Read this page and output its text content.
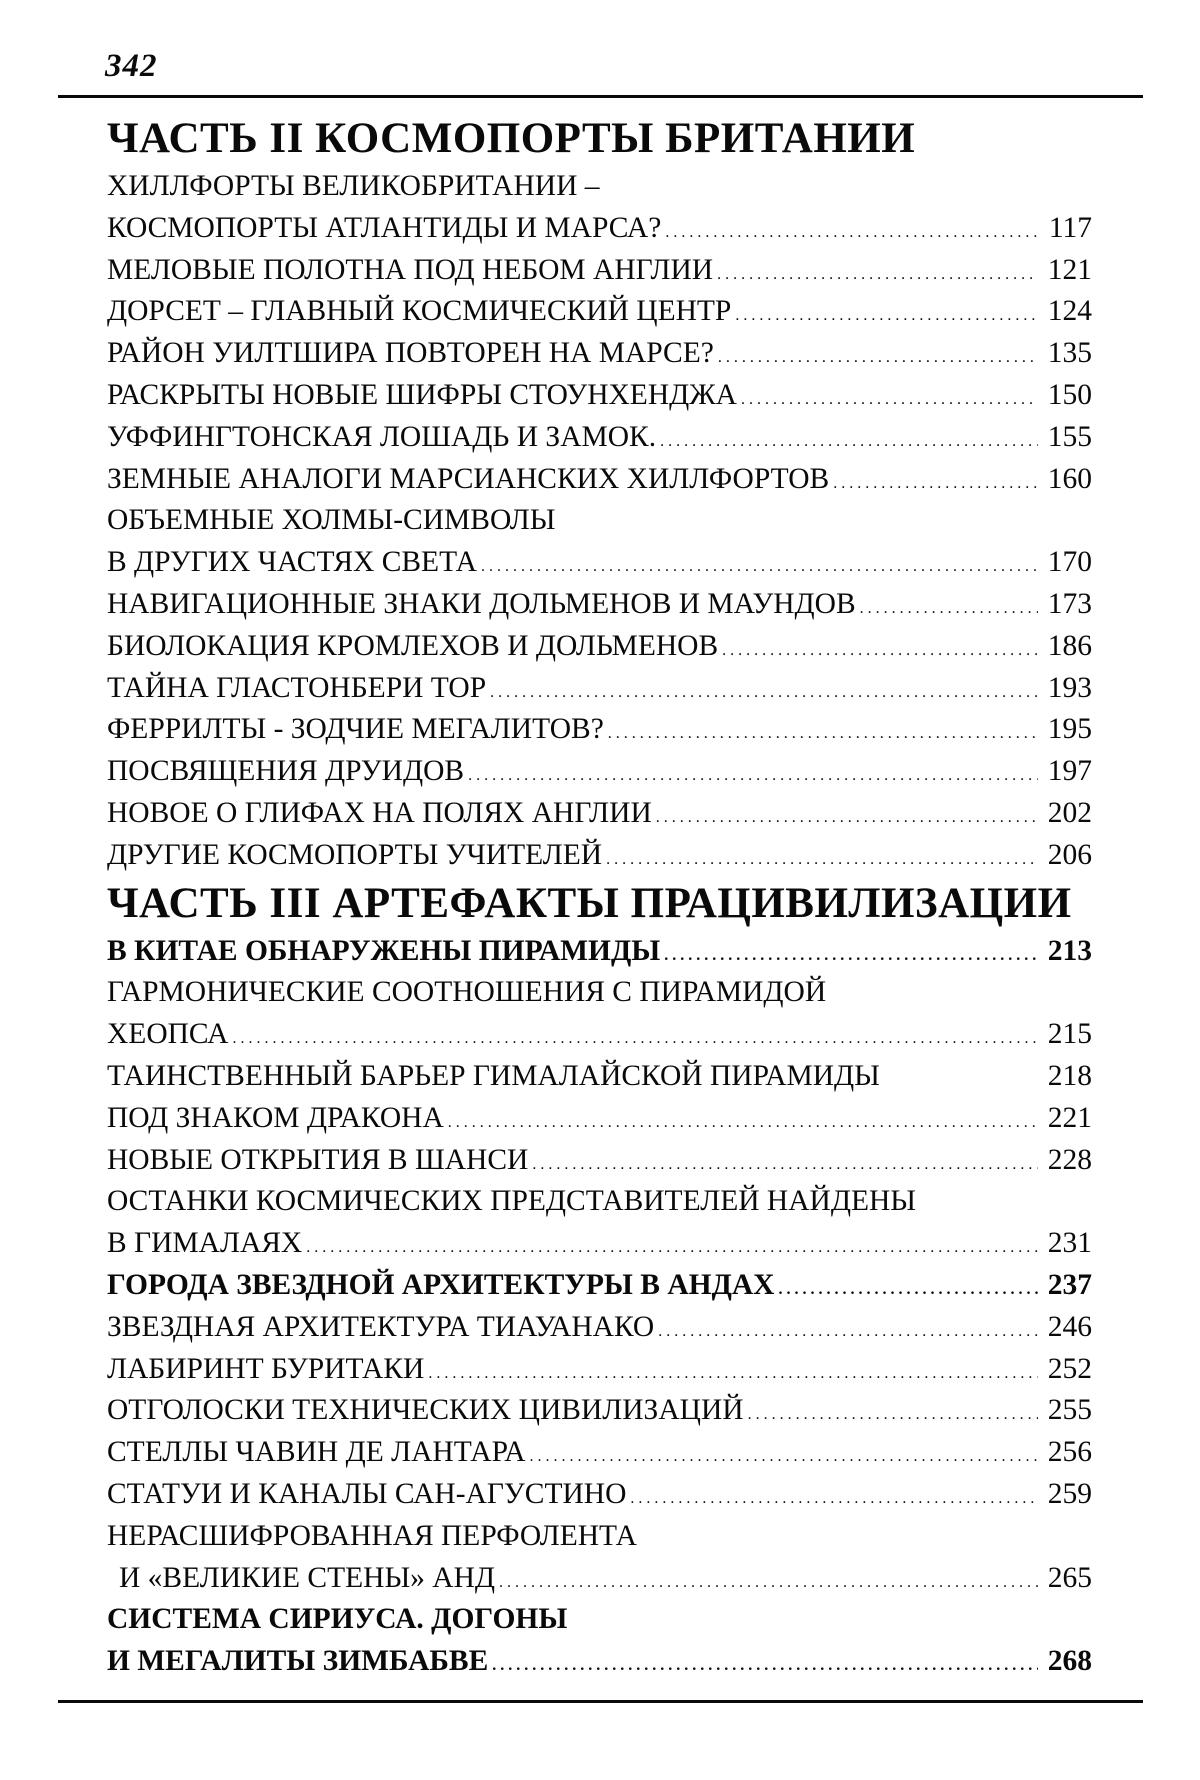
342
ЧАСТЬ II КОСМОПОРТЫ БРИТАНИИ
ХИЛЛФОРТЫ ВЕЛИКОБРИТАНИИ –
КОСМОПОРТЫ АТЛАНТИДЫ И МАРСА? . . .	117
МЕЛОВЫЕ ПОЛОТНА ПОД НЕБОМ АНГЛИИ . . .	121
ДОРСЕТ – ГЛАВНЫЙ КОСМИЧЕСКИЙ ЦЕНТР . . .	124
РАЙОН УИЛТШИРА ПОВТОРЕН НА МАРСЕ? . . .	135
РАСКРЫТЫ НОВЫЕ ШИФРЫ СТОУНХЕНДЖА . . .	150
УФФИНГТОНСКАЯ ЛОШАДЬ И ЗАМОК. . . .	155
ЗЕМНЫЕ АНАЛОГИ МАРСИАНСКИХ ХИЛЛФОРТОВ . . .	160
ОБЪЕМНЫЕ ХОЛМЫ-СИМВОЛЫ
В ДРУГИХ ЧАСТЯХ СВЕТА . . .	170
НАВИГАЦИОННЫЕ ЗНАКИ ДОЛЬМЕНОВ И МАУНДОВ . . .	173
БИОЛОКАЦИЯ КРОМЛЕХОВ И ДОЛЬМЕНОВ . . .	186
ТАЙНА ГЛАСТОНБЕРИ ТОР . . .	193
ФЕРРИЛТЫ - ЗОДЧИЕ МЕГАЛИТОВ? . . .	195
ПОСВЯЩЕНИЯ ДРУИДОВ . . .	197
НОВОЕ О ГЛИФАХ НА ПОЛЯХ АНГЛИИ . . .	202
ДРУГИЕ КОСМОПОРТЫ УЧИТЕЛЕЙ . . .	206
ЧАСТЬ III АРТЕФАКТЫ ПРАЦИВИЛИЗАЦИИ
В КИТАЕ ОБНАРУЖЕНЫ ПИРАМИДЫ . . .	213
ГАРМОНИЧЕСКИЕ СООТНОШЕНИЯ С ПИРАМИДОЙ
ХЕОПСА . . .	215
ТАИНСТВЕННЫЙ БАРЬЕР ГИМАЛАЙСКОЙ ПИРАМИДЫ	218
ПОД ЗНАКОМ ДРАКОНА . . .	221
НОВЫЕ ОТКРЫТИЯ В ШАНСИ . . .	228
ОСТАНКИ КОСМИЧЕСКИХ ПРЕДСТАВИТЕЛЕЙ НАЙДЕНЫ
В ГИМАЛАЯХ . . .	231
ГОРОДА ЗВЕЗДНОЙ АРХИТЕКТУРЫ В АНДАХ . . .	237
ЗВЕЗДНАЯ АРХИТЕКТУРА ТИАУАНАКО . . .	246
ЛАБИРИНТ БУРИТАКИ . . .	252
ОТГОЛОСКИ ТЕХНИЧЕСКИХ ЦИВИЛИЗАЦИЙ . . .	255
СТЕЛЛЫ ЧАВИН ДЕ ЛАНТАРА . . .	256
СТАТУИ И КАНАЛЫ САН-АГУСТИНО . . .	259
НЕРАСШИФРОВАННАЯ ПЕРФОЛЕНТА
И «ВЕЛИКИЕ СТЕНЫ» АНД . . .	265
СИСТЕМА СИРИУСА. ДОГОНЫ
И МЕГАЛИТЫ ЗИМБАБВЕ . . .	268
